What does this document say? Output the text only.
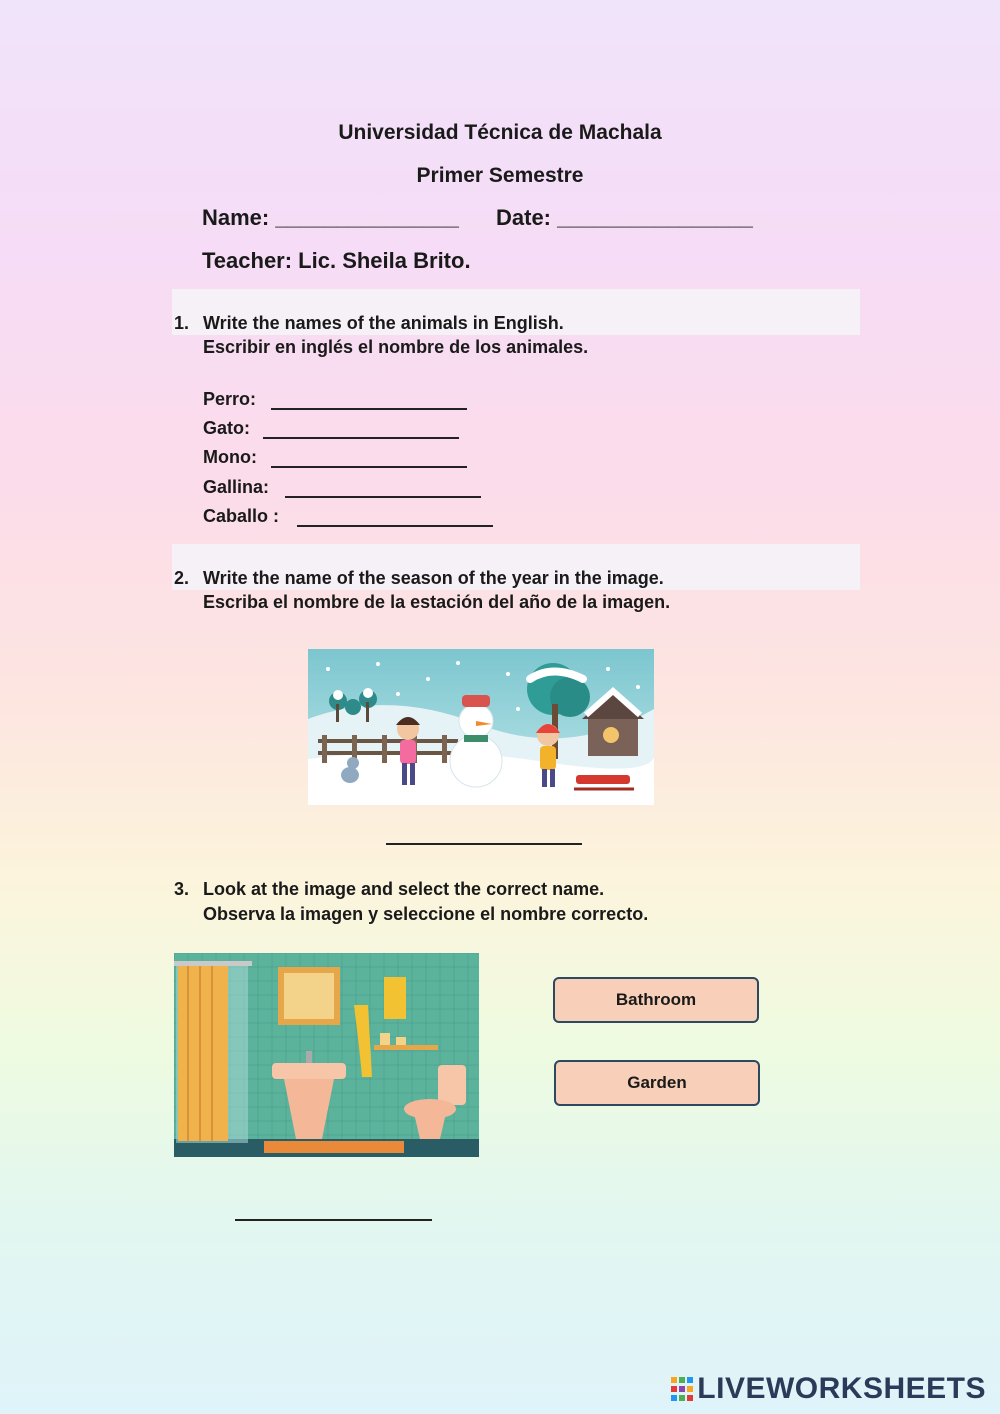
Universidad Técnica de Machala
Primer Semestre
Name: _______________ Date: ________________
Teacher: Lic. Sheila Brito.
1. Write the names of the animals in English.
Escribir en inglés el nombre de los animales.
Perro:
Gato:
Mono:
Gallina:
Caballo :
2. Write the name of the season of the year in the image.
Escriba el nombre de la estación del año de la imagen.
3. Look at the image and select the correct name.
Observa la imagen y seleccione el nombre correcto.
Bathroom
Garden
LIVEWORKSHEETS
